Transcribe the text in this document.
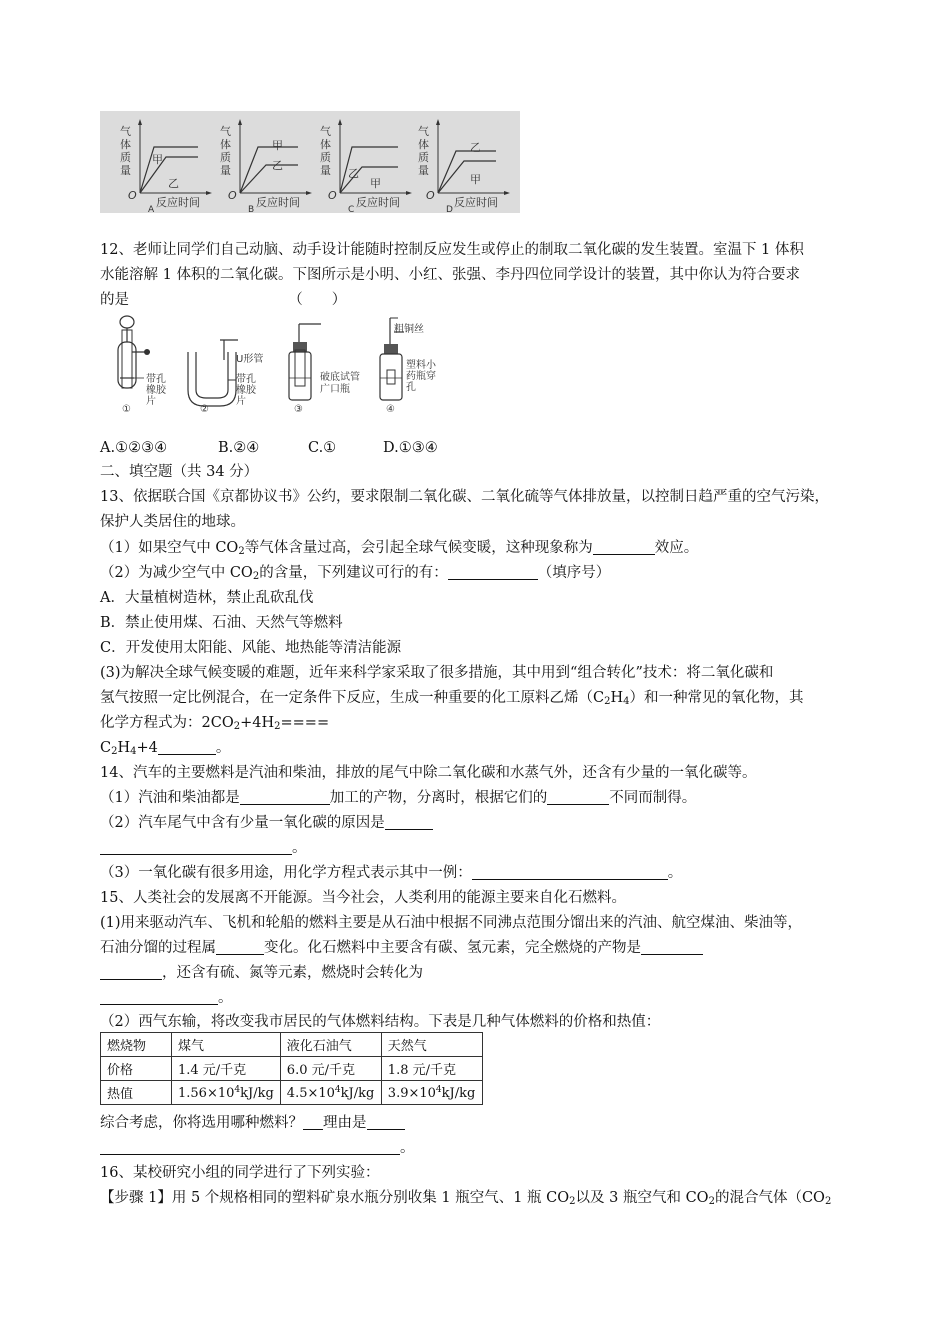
气体质量
O
反应时间
A
甲
乙
气体质量
O
反应时间
B
甲
乙
气体质量
O
反应时间
C
乙
甲
气体质量
O
反应时间
D
乙
甲
12、老师让同学们自己动脑、动手设计能随时控制反应发生或停止的制取二氧化碳的发生装置。室温下 1 体积
水能溶解 1 体积的二氧化碳。下图所示是小明、小红、张强、李丹四位同学设计的装置，其中你认为符合要求
的是	（　　）
带孔橡胶片
①
U形管
带孔橡胶片
②
破底试管
广口瓶
③
粗铜丝
塑料小药瓶穿孔
④
A.①②③④	B.②④	C.①	D.①③④
二、填空题（共 34 分）
13、依据联合国《京都协议书》公约，要求限制二氧化碳、二氧化硫等气体排放量，以控制日趋严重的空气污染，
保护人类居住的地球。
（1）如果空气中 $CO_2$等气体含量过高，会引起全球气候变暖，这种现象称为	效应。
（2）为减少空气中 $CO_2$的含量，下列建议可行的有：	（填序号）
A．大量植树造林，禁止乱砍乱伐
B．禁止使用煤、石油、天然气等燃料
C．开发使用太阳能、风能、地热能等清洁能源
(3)为解决全球气候变暖的难题，近年来科学家采取了很多措施，其中用到“组合转化”技术：将二氧化碳和
氢气按照一定比例混合，在一定条件下反应，生成一种重要的化工原料乙烯$(C_2H_4)$和一种常见的氧化物，其
化学方程式为：$2CO_2+4H_2====$
$C_2H_4+4$	。
14、汽车的主要燃料是汽油和柴油，排放的尾气中除二氧化碳和水蒸气外，还含有少量的一氧化碳等。
（1）汽油和柴油都是	加工的产物，分离时，根据它们的	不同而制得。
（2）汽车尾气中含有少量一氧化碳的原因是
。
（3）一氧化碳有很多用途，用化学方程式表示其中一例：	。
15、人类社会的发展离不开能源。当今社会，人类利用的能源主要来自化石燃料。
(1)用来驱动汽车、飞机和轮船的燃料主要是从石油中根据不同沸点范围分馏出来的汽油、航空煤油、柴油等，
石油分馏的过程属	变化。化石燃料中主要含有碳、氢元素，完全燃烧的产物是
，还含有硫、氮等元素，燃烧时会转化为
。
（2）西气东输，将改变我市居民的气体燃料结构。下表是几种气体燃料的价格和热值：
燃烧物	煤气	液化石油气	天然气
价格	1.4 元/千克	6.0 元/千克	1.8 元/千克
热值	$1.56\times 10^4kJ/kg$	$4.5\times 10^4kJ/kg$	$3.9\times 10^4kJ/kg$
综合考虑，你将选用哪种燃料？ 理由是
。
16、某校研究小组的同学进行了下列实验：
【步骤 1】用 5 个规格相同的塑料矿泉水瓶分别收集 1 瓶空气、1 瓶 $CO_2$以及 3 瓶空气和 $CO_2$的混合气体（$CO_2$
